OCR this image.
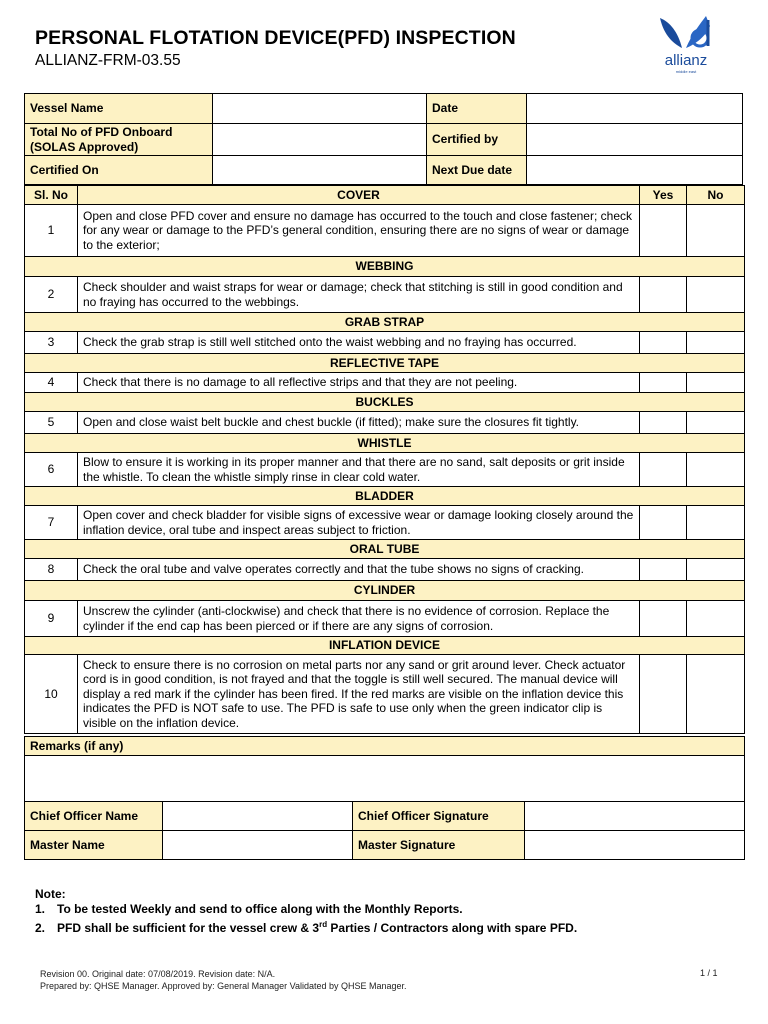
PERSONAL FLOTATION DEVICE(PFD) INSPECTION
ALLIANZ-FRM-03.55	allianz
middle east
Vessel Name		Date	

Total No of PFD Onboard
(SOLAS Approved)		Certified by	
Certified On		Next Due date	
Sl. No	COVER	Yes	No
1	Open and close PFD cover and ensure no damage has occurred to the touch and close fastener; check for any wear or damage to the PFD’s general condition, ensuring there are no signs of wear or damage to the exterior;		
WEBBING			
2	Check shoulder and waist straps for wear or damage; check that stitching is still in good condition and no fraying has occurred to the webbings.		
GRAB STRAP			
3	Check the grab strap is still well stitched onto the waist webbing and no fraying has occurred.		
REFLECTIVE TAPE			
4	Check that there is no damage to all reflective strips and that they are not peeling.		
BUCKLES			
5	Open and close waist belt buckle and chest buckle (if fitted); make sure the closures fit tightly.		
WHISTLE			
6	Blow to ensure it is working in its proper manner and that there are no sand, salt deposits or grit inside the whistle. To clean the whistle simply rinse in clear cold water.		
BLADDER			
7	Open cover and check bladder for visible signs of excessive wear or damage looking closely around the inflation device, oral tube and inspect areas subject to friction.		
ORAL TUBE			
8	Check the oral tube and valve operates correctly and that the tube shows no signs of cracking.		
CYLINDER			
9	Unscrew the cylinder (anti-clockwise) and check that there is no evidence of corrosion. Replace the cylinder if the end cap has been pierced or if there are any signs of corrosion.		
INFLATION DEVICE			
10	Check to ensure there is no corrosion on metal parts nor any sand or grit around lever. Check actuator cord is in good condition, is not frayed and that the toggle is still well secured. The manual device will display a red mark if the cylinder has been fired. If the red marks are visible on the inflation device this indicates the PFD is NOT safe to use. The PFD is safe to use only when the green indicator clip is visible on the inflation device.		
Remarks (if any)

Chief Officer Name		Chief Officer Signature	
Master Name		Master Signature	
Note:
1. To be tested Weekly and send to office along with the Monthly Reports.
2. PFD shall be sufficient for the vessel crew & 3rd Parties / Contractors along with spare PFD.
Revision 00. Original date: 07/08/2019. Revision date: N/A.
Prepared by: QHSE Manager. Approved by: General Manager Validated by QHSE Manager.
1 / 1
